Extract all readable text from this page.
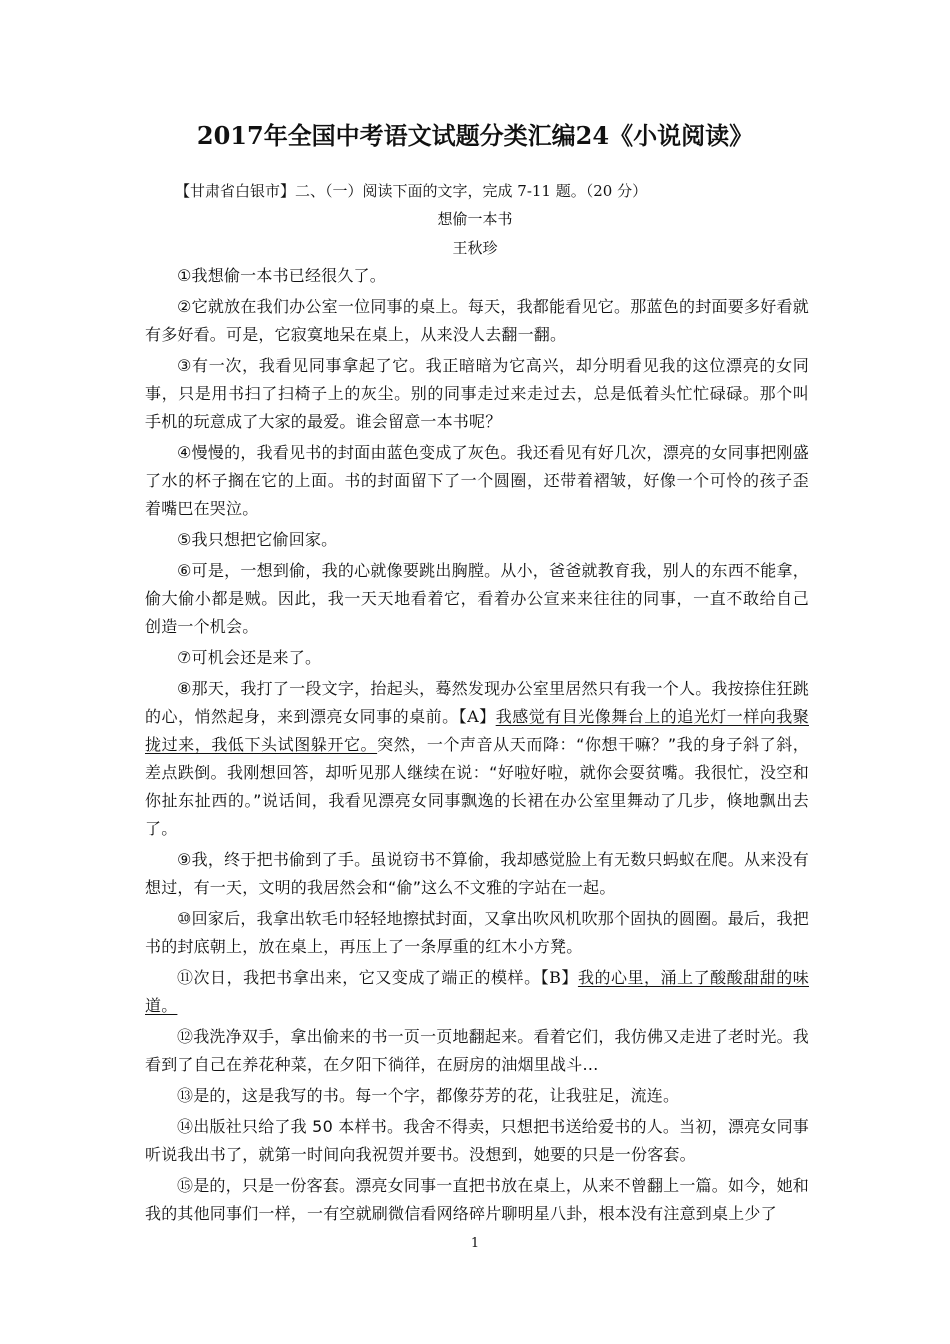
2017年全国中考语文试题分类汇编24《小说阅读》
【甘肃省白银市】二、（一）阅读下面的文字，完成 7-11 题。（20 分）
想偷一本书
王秋珍

①我想偷一本书已经很久了。

②它就放在我们办公室一位同事的桌上。每天，我都能看见它。那蓝色的封面要多好看就有多好看。可是，它寂寞地呆在桌上，从来没人去翻一翻。

③有一次，我看见同事拿起了它。我正暗暗为它高兴，却分明看见我的这位漂亮的女同事，只是用书扫了扫椅子上的灰尘。别的同事走过来走过去，总是低着头忙忙碌碌。那个叫手机的玩意成了大家的最爱。谁会留意一本书呢？

④慢慢的，我看见书的封面由蓝色变成了灰色。我还看见有好几次，漂亮的女同事把刚盛了水的杯子搁在它的上面。书的封面留下了一个圆圈，还带着褶皱，好像一个可怜的孩子歪着嘴巴在哭泣。

⑤我只想把它偷回家。

⑥可是，一想到偷，我的心就像要跳出胸膛。从小，爸爸就教育我，别人的东西不能拿，偷大偷小都是贼。因此，我一天天地看着它，看着办公宣来来往往的同事，一直不敢给自己创造一个机会。

⑦可机会还是来了。

⑧那天，我打了一段文字，抬起头，蓦然发现办公室里居然只有我一个人。我按捺住狂跳的心，悄然起身，来到漂亮女同事的桌前。【A】我感觉有目光像舞台上的追光灯一样向我聚拢过来，我低下头试图躲开它。突然，一个声音从天而降：“你想干嘛？”我的身子斜了斜，差点跌倒。我刚想回答，却听见那人继续在说：“好啦好啦，就你会耍贫嘴。我很忙，没空和你扯东扯西的。”说话间，我看见漂亮女同事飘逸的长裙在办公室里舞动了几步，倏地飘出去了。

⑨我，终于把书偷到了手。虽说窃书不算偷，我却感觉脸上有无数只蚂蚁在爬。从来没有想过，有一天，文明的我居然会和“偷”这么不文雅的字站在一起。

⑩回家后，我拿出软毛巾轻轻地擦拭封面，又拿出吹风机吹那个固执的圆圈。最后，我把书的封底朝上，放在桌上，再压上了一条厚重的红木小方凳。

⑪次日，我把书拿出来，它又变成了端正的模样。【B】我的心里，涌上了酸酸甜甜的味道。

⑫我洗净双手，拿出偷来的书一页一页地翻起来。看着它们，我仿佛又走进了老时光。我看到了自己在养花种菜，在夕阳下徜徉，在厨房的油烟里战斗…

⑬是的，这是我写的书。每一个字，都像芬芳的花，让我驻足，流连。

⑭出版社只给了我 50 本样书。我舍不得卖，只想把书送给爱书的人。当初，漂亮女同事听说我出书了，就第一时间向我祝贺并要书。没想到，她要的只是一份客套。

⑮是的，只是一份客套。漂亮女同事一直把书放在桌上，从来不曾翻上一篇。如今，她和我的其他同事们一样，一有空就刷微信看网络碎片聊明星八卦，根本没有注意到桌上少了

1
